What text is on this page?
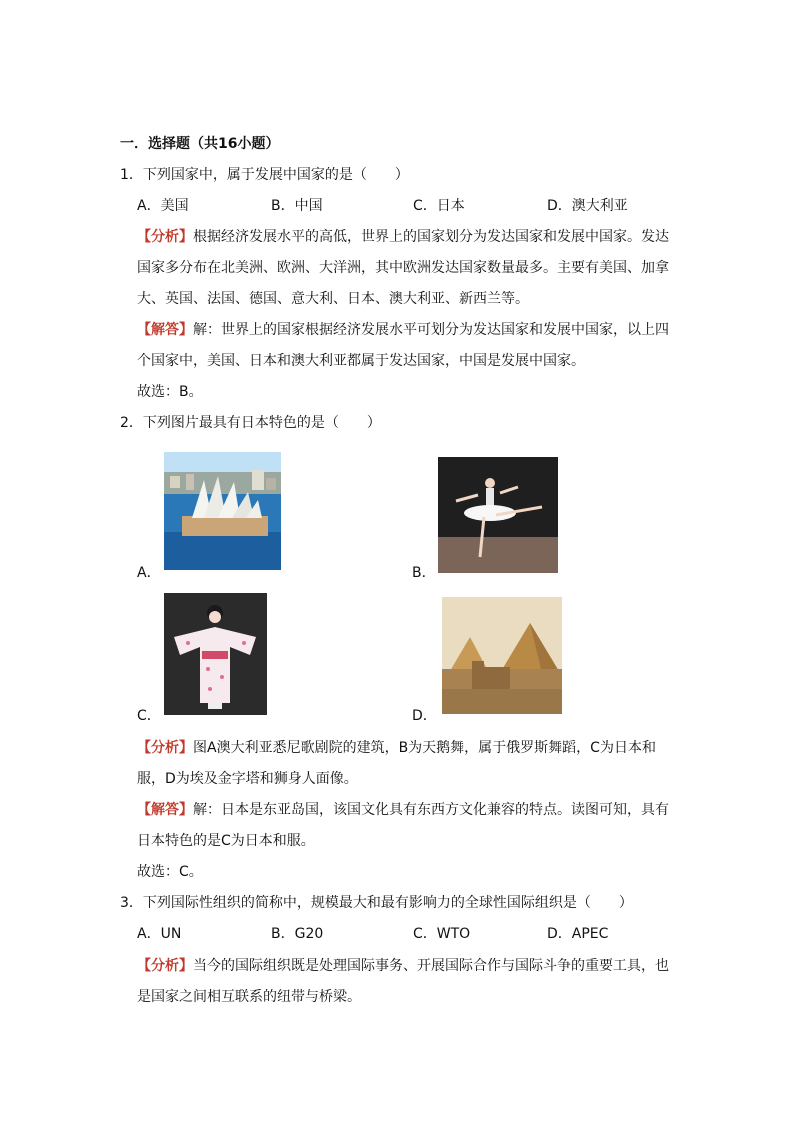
一．选择题（共16小题）
1．下列国家中，属于发展中国家的是（　　）
A．美国	B．中国	C．日本	D．澳大利亚
【分析】根据经济发展水平的高低，世界上的国家划分为发达国家和发展中国家。发达
国家多分布在北美洲、欧洲、大洋洲，其中欧洲发达国家数量最多。主要有美国、加拿
大、英国、法国、德国、意大利、日本、澳大利亚、新西兰等。
【解答】解：世界上的国家根据经济发展水平可划分为发达国家和发展中国家，以上四
个国家中，美国、日本和澳大利亚都属于发达国家，中国是发展中国家。
故选：B。
2．下列图片最具有日本特色的是（　　）
A．	B．
C．	D．
【分析】图A澳大利亚悉尼歌剧院的建筑，B为天鹅舞，属于俄罗斯舞蹈，C为日本和
服，D为埃及金字塔和狮身人面像。
【解答】解：日本是东亚岛国，该国文化具有东西方文化兼容的特点。读图可知，具有
日本特色的是C为日本和服。
故选：C。
3．下列国际性组织的简称中，规模最大和最有影响力的全球性国际组织是（　　）
A．UN	B．G20	C．WTO	D．APEC
【分析】当今的国际组织既是处理国际事务、开展国际合作与国际斗争的重要工具，也
是国家之间相互联系的纽带与桥梁。
